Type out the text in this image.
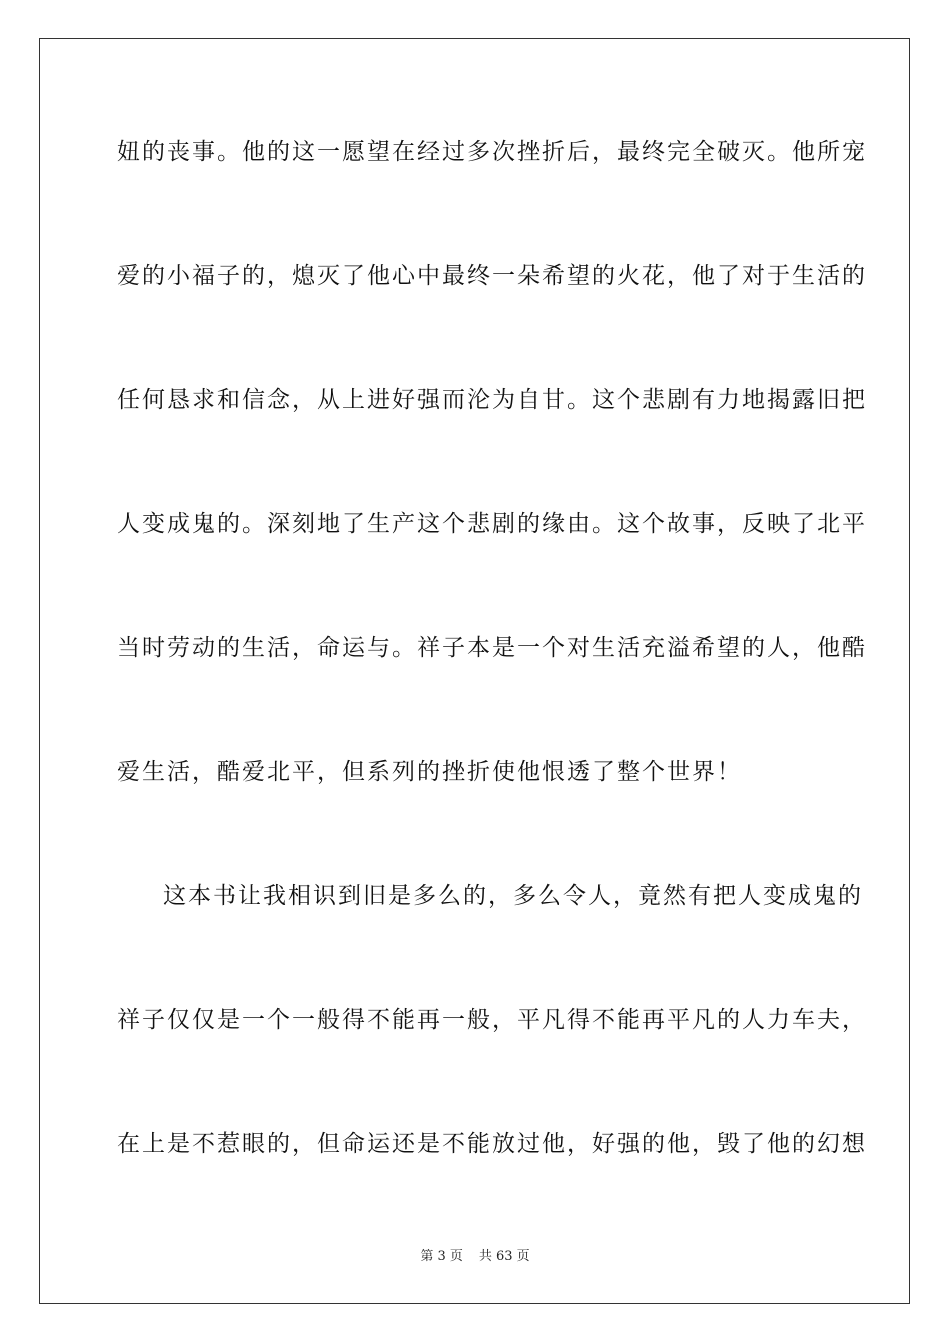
妞的丧事。他的这一愿望在经过多次挫折后，最终完全破灭。他所宠
爱的小福子的，熄灭了他心中最终一朵希望的火花，他了对于生活的
任何恳求和信念，从上进好强而沦为自甘。这个悲剧有力地揭露旧把
人变成鬼的。深刻地了生产这个悲剧的缘由。这个故事，反映了北平
当时劳动的生活，命运与。祥子本是一个对生活充溢希望的人，他酷
爱生活，酷爱北平，但系列的挫折使他恨透了整个世界！
这本书让我相识到旧是多么的，多么令人，竟然有把人变成鬼的
祥子仅仅是一个一般得不能再一般，平凡得不能再平凡的人力车夫，
在上是不惹眼的，但命运还是不能放过他，好强的他，毁了他的幻想
第 3 页 共 63 页
